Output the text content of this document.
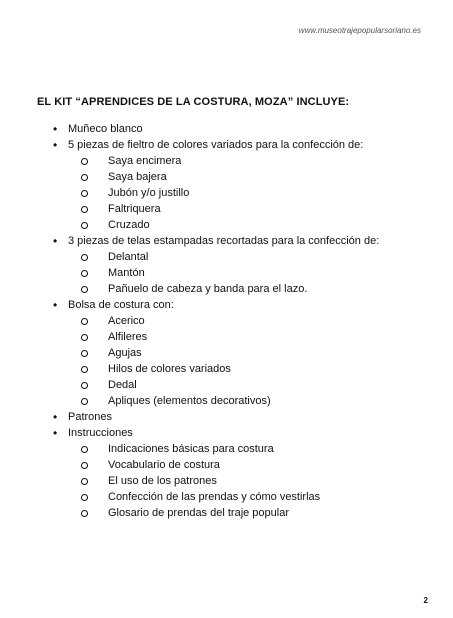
www.museotrajepopularsoriano.es
EL KIT “APRENDICES DE LA COSTURA, MOZA” INCLUYE:
• Muñeco blanco
• 5 piezas de fieltro de colores variados para la confección de:
Saya encimera
Saya bajera
Jubón y/o justillo
Faltriquera
Cruzado
• 3 piezas de telas estampadas recortadas para la confección de:
Delantal
Mantón
Pañuelo de cabeza y banda para el lazo.
• Bolsa de costura con:
Acerico
Alfileres
Agujas
Hilos de colores variados
Dedal
Apliques (elementos decorativos)
• Patrones
• Instrucciones
Indicaciones básicas para costura
Vocabulario de costura
El uso de los patrones
Confección de las prendas y cómo vestirlas
Glosario de prendas del traje popular
2
